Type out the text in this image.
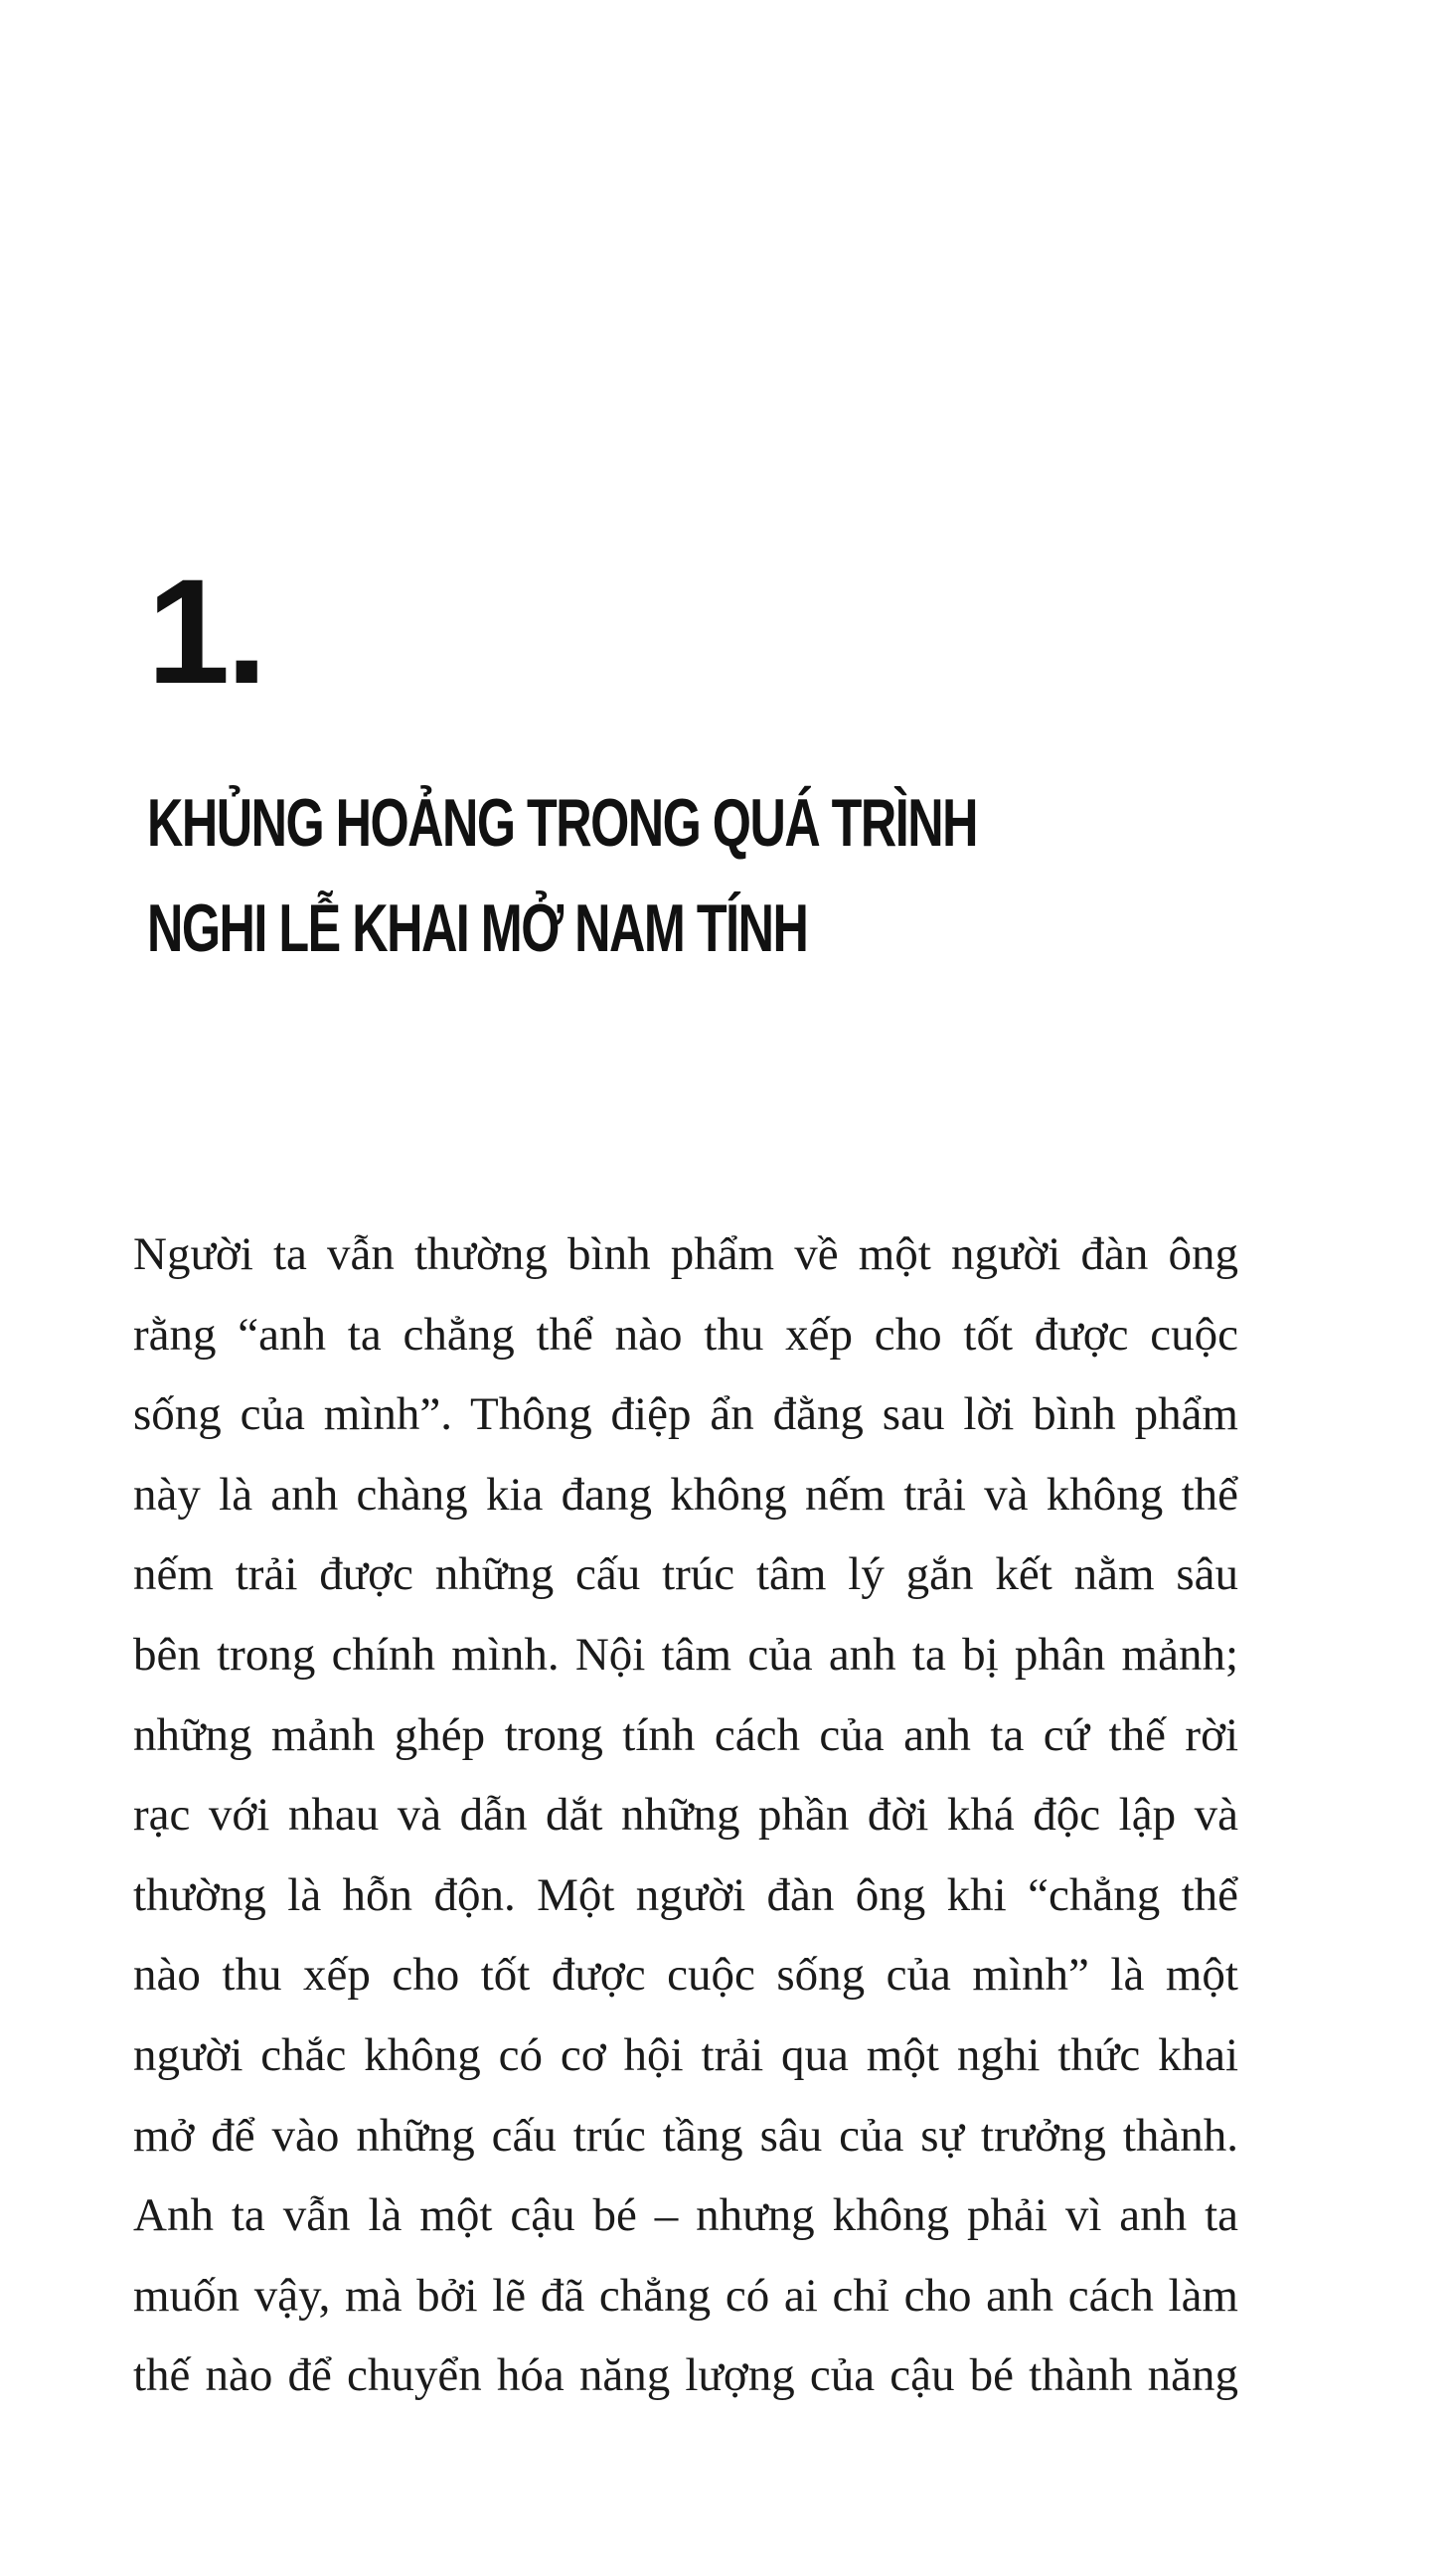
1.
KHỦNG HOẢNG TRONG QUÁ TRÌNH
NGHI LỄ KHAI MỞ NAM TÍNH
Người ta vẫn thường bình phẩm về một người đàn ông
rằng “anh ta chẳng thể nào thu xếp cho tốt được cuộc
sống của mình”. Thông điệp ẩn đằng sau lời bình phẩm
này là anh chàng kia đang không nếm trải và không thể
nếm trải được những cấu trúc tâm lý gắn kết nằm sâu
bên trong chính mình. Nội tâm của anh ta bị phân mảnh;
những mảnh ghép trong tính cách của anh ta cứ thế rời
rạc với nhau và dẫn dắt những phần đời khá độc lập và
thường là hỗn độn. Một người đàn ông khi “chẳng thể
nào thu xếp cho tốt được cuộc sống của mình” là một
người chắc không có cơ hội trải qua một nghi thức khai
mở để vào những cấu trúc tầng sâu của sự trưởng thành.
Anh ta vẫn là một cậu bé – nhưng không phải vì anh ta
muốn vậy, mà bởi lẽ đã chẳng có ai chỉ cho anh cách làm
thế nào để chuyển hóa năng lượng của cậu bé thành năng
